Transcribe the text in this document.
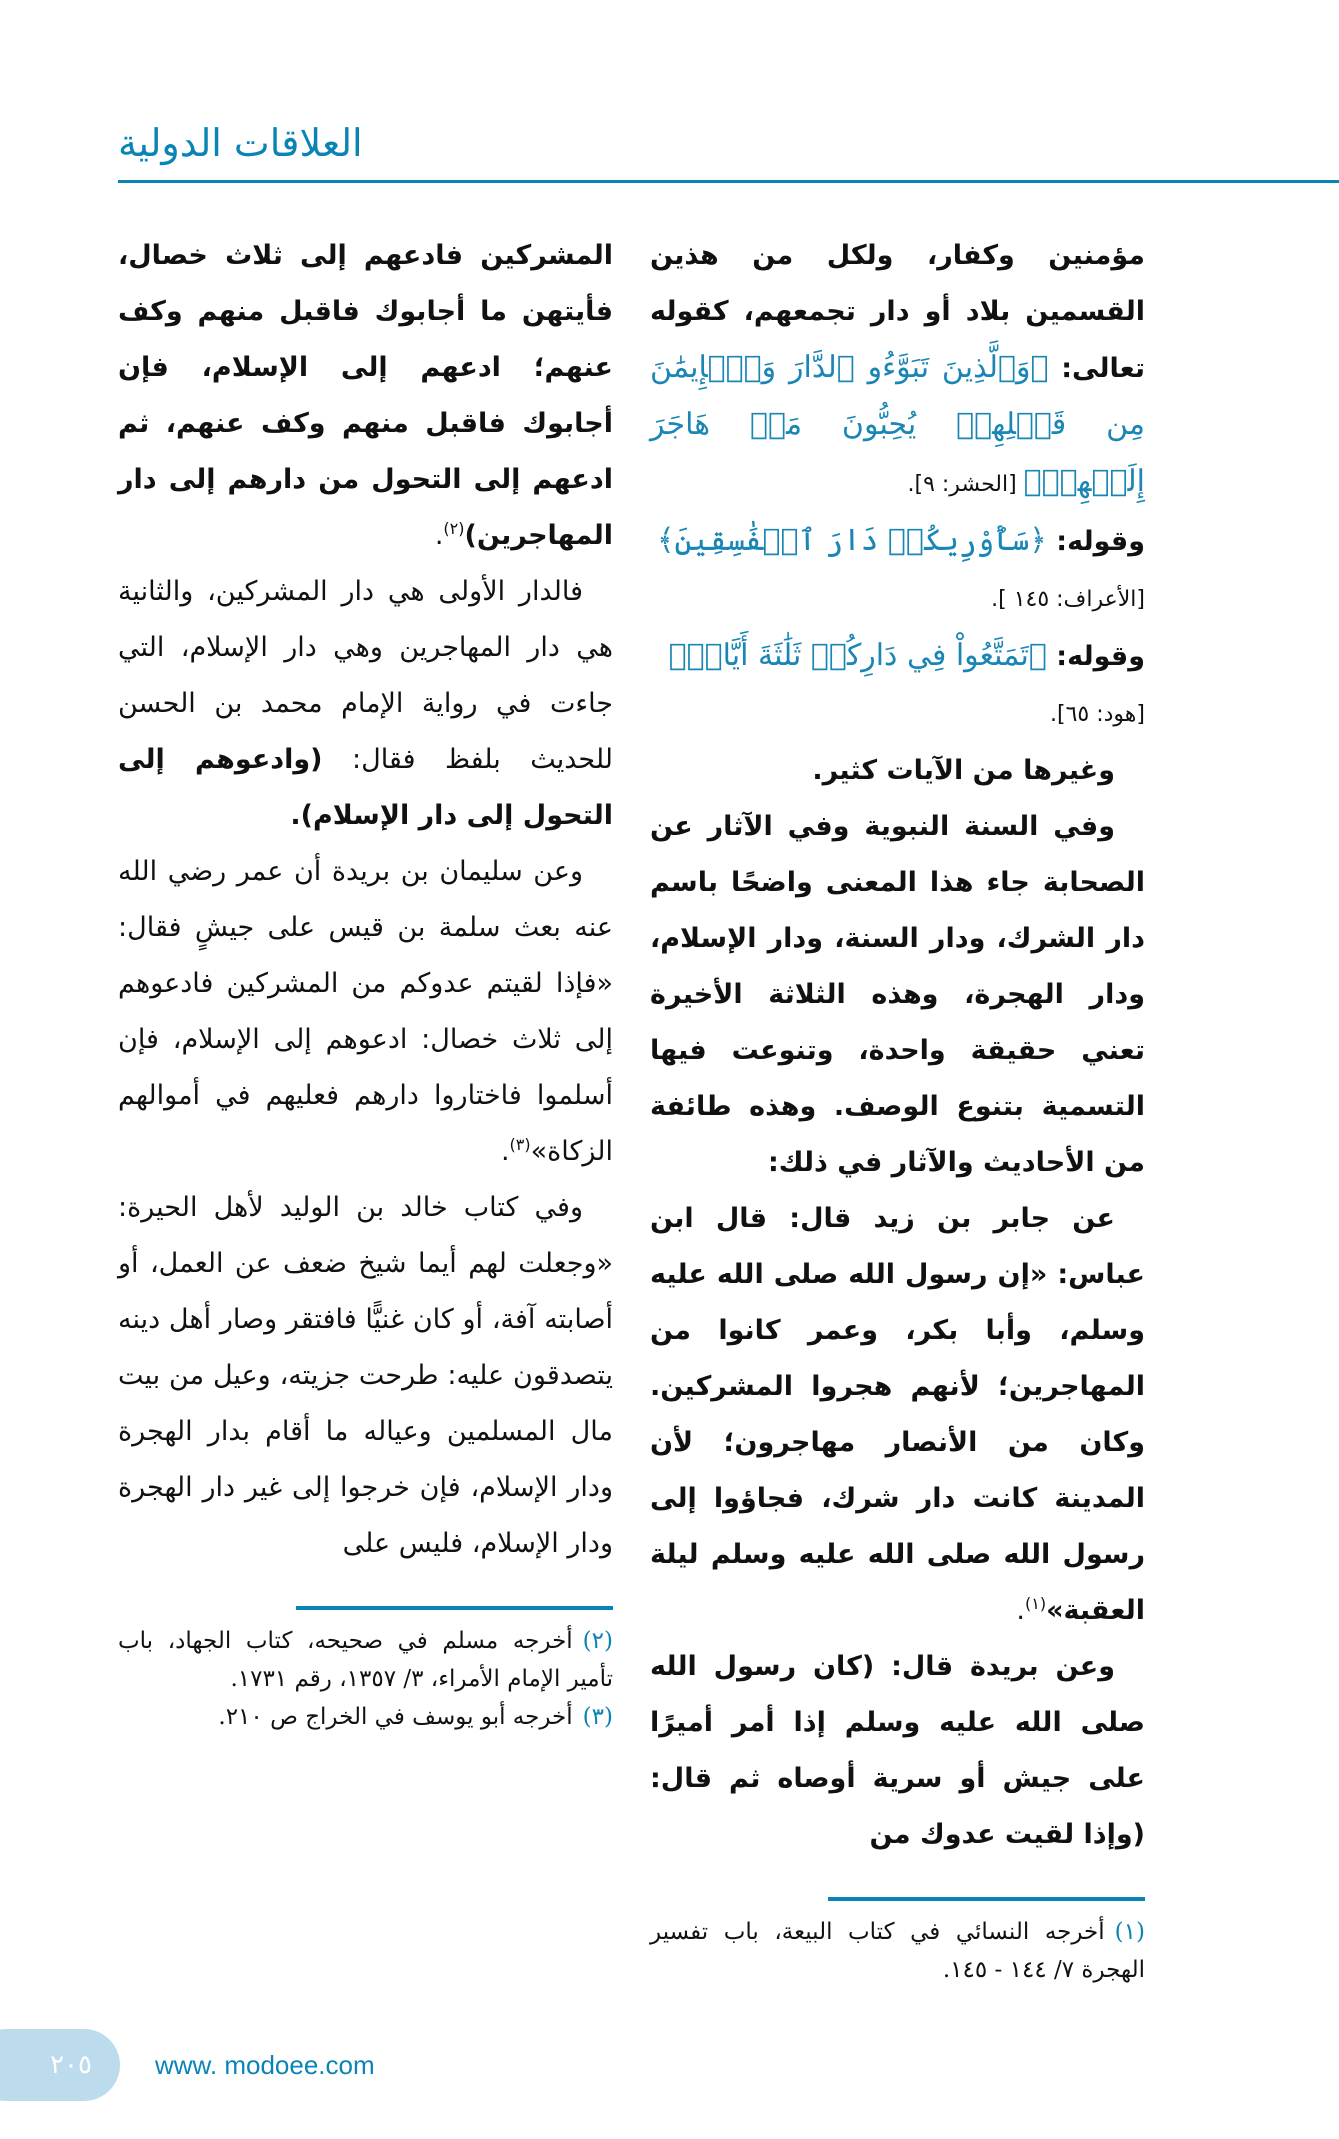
العلاقات الدولية

مؤمنين وكفار، ولكل من هذين القسمين بلاد أو دار تجمعهم، كقوله تعالى: ﴿وَٱلَّذِينَ تَبَوَّءُو ٱلدَّارَ وَٱلۡإِيمَٰنَ مِن قَبۡلِهِمۡ يُحِبُّونَ مَنۡ هَاجَرَ إِلَيۡهِمۡ﴾ [الحشر: ٩].

وقوله: ﴿سَأُوْرِيكُمۡ دَارَ ٱلۡفَٰسِقِينَ﴾
[الأعراف: ١٤٥ ].

وقوله: ﴿تَمَتَّعُواْ فِي دَارِكُمۡ ثَلَٰثَةَ أَيَّامٖ﴾
[هود: ٦٥].

وغيرها من الآيات كثير.

وفي السنة النبوية وفي الآثار عن الصحابة جاء هذا المعنى واضحًا باسم دار الشرك، ودار السنة، ودار الإسلام، ودار الهجرة، وهذه الثلاثة الأخيرة تعني حقيقة واحدة، وتنوعت فيها التسمية بتنوع الوصف. وهذه طائفة من الأحاديث والآثار في ذلك:

عن جابر بن زيد قال: قال ابن عباس: «إن رسول الله صلى الله عليه وسلم، وأبا بكر، وعمر كانوا من المهاجرين؛ لأنهم هجروا المشركين. وكان من الأنصار مهاجرون؛ لأن المدينة كانت دار شرك، فجاؤوا إلى رسول الله صلى الله عليه وسلم ليلة العقبة»$^{(١)}$.

وعن بريدة قال: (كان رسول الله صلى الله عليه وسلم إذا أمر أميرًا على جيش أو سرية أوصاه ثم قال: (وإذا لقيت عدوك من

(١)أخرجه النسائي في كتاب البيعة، باب تفسير الهجرة ٧/ ١٤٤ - ١٤٥.

المشركين فادعهم إلى ثلاث خصال، فأيتهن ما أجابوك فاقبل منهم وكف عنهم؛ ادعهم إلى الإسلام، فإن أجابوك فاقبل منهم وكف عنهم، ثم ادعهم إلى التحول من دارهم إلى دار المهاجرين)$^{(٢)}$.

فالدار الأولى هي دار المشركين، والثانية هي دار المهاجرين وهي دار الإسلام، التي جاءت في رواية الإمام محمد بن الحسن للحديث بلفظ فقال: (وادعوهم إلى التحول إلى دار الإسلام).

وعن سليمان بن بريدة أن عمر رضي الله عنه بعث سلمة بن قيس على جيشٍ فقال: «فإذا لقيتم عدوكم من المشركين فادعوهم إلى ثلاث خصال: ادعوهم إلى الإسلام، فإن أسلموا فاختاروا دارهم فعليهم في أموالهم الزكاة»$^{(٣)}$.

وفي كتاب خالد بن الوليد لأهل الحيرة: «وجعلت لهم أيما شيخ ضعف عن العمل، أو أصابته آفة، أو كان غنيًّا فافتقر وصار أهل دينه يتصدقون عليه: طرحت جزيته، وعيل من بيت مال المسلمين وعياله ما أقام بدار الهجرة ودار الإسلام، فإن خرجوا إلى غير دار الهجرة ودار الإسلام، فليس على

(٢)أخرجه مسلم في صحيحه، كتاب الجهاد، باب تأمير الإمام الأمراء، ٣/ ١٣٥٧، رقم ١٧٣١.
(٣)أخرجه أبو يوسف في الخراج ص ٢١٠.
٢٠٥	www. modoee.com
